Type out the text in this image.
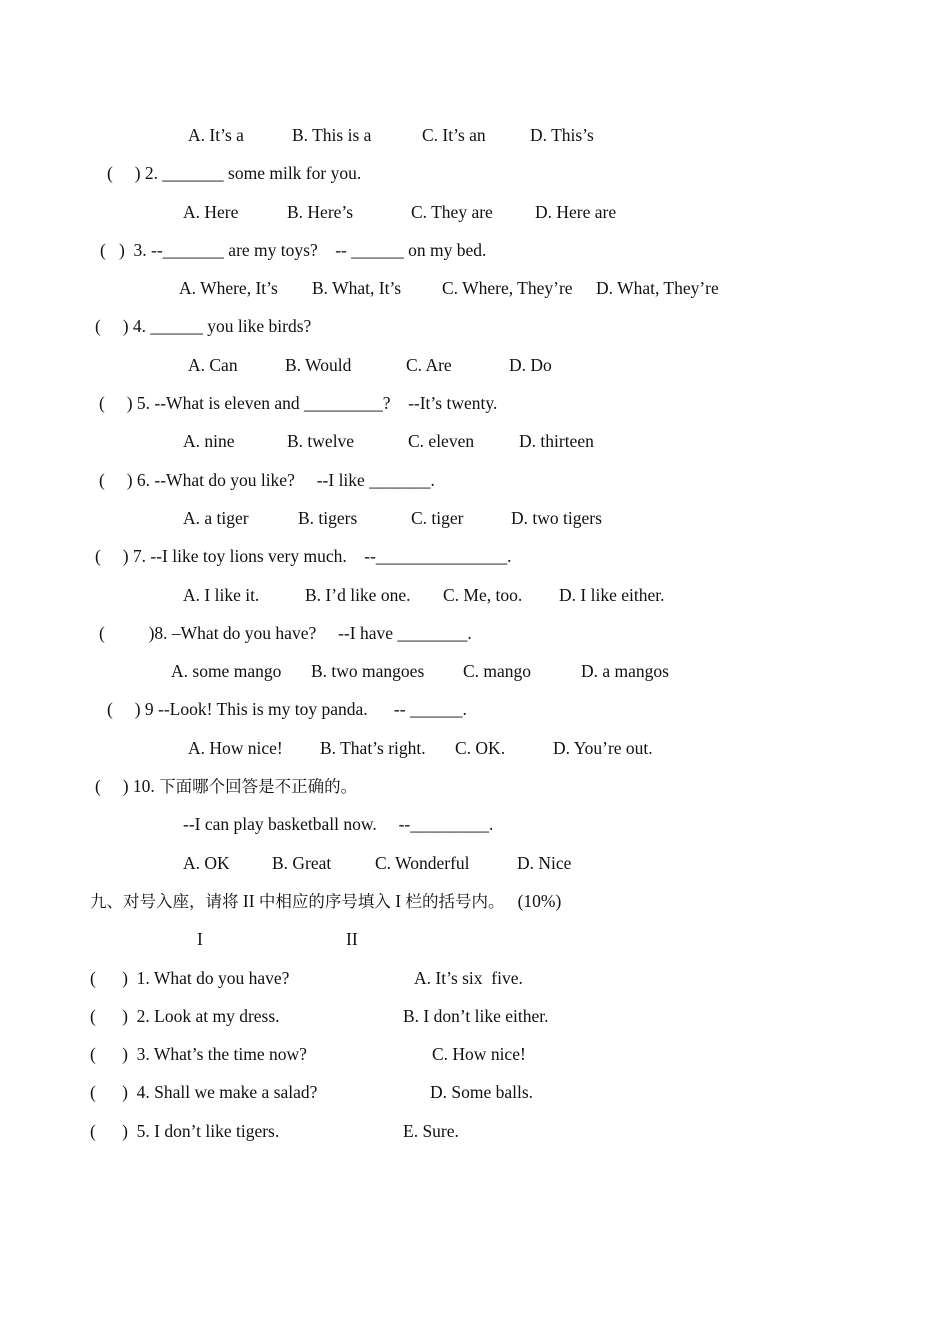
A. It’s a	B. This is a	C. It’s an	D. This’s
(     ) 2. _______ some milk for you.
A. Here	B. Here’s	C. They are D. Here are
(   )  3. --_______ are my toys?    -- ______ on my bed.
A. Where, It’s B. What, It’s C. Where, They’re D. What, They’re
(     ) 4. ______ you like birds?
A. Can	B. Would	C. Are	D. Do
(     ) 5. --What is eleven and _________?    --It’s twenty.
A. nine	B. twelve	C. eleven	D. thirteen
(     ) 6. --What do you like?     --I like _______.
A. a tiger	B. tigers	C. tiger	D. two tigers
(     ) 7. --I like toy lions very much.    --_______________.
A. I like it.	B. I’d like one. C. Me, too. D. I like either.
(          )8. –What do you have?     --I have ________.
A. some mango B. two mangoes C. mango	D. a mangos
(     ) 9 --Look! This is my toy panda.      -- ______.
A. How nice! B. That’s right. C. OK.	D. You’re out.
(     ) 10. 下面哪个回答是不正确的。
--I can play basketball now.     --_________.
A. OK B. Great C. Wonderful	D. Nice
九、对号入座，请将 II 中相应的序号填入 I 栏的括号内。   (10%)
I	II
(      )  1. What do you have?	A. It’s six  five.
(      )  2. Look at my dress.	B. I don’t like either.
(      )  3. What’s the time now?	C. How nice!
(      )  4. Shall we make a salad?	D. Some balls.
(      )  5. I don’t like tigers.	E. Sure.
